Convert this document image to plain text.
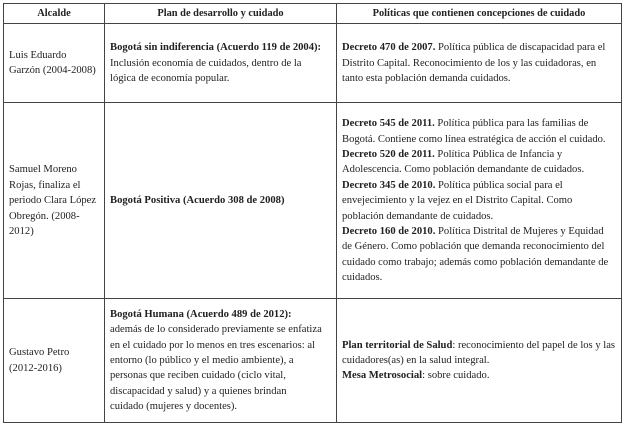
Alcalde	Plan de desarrollo y cuidado	Políticas que contienen concepciones de cuidado
Luis Eduardo Garzón (2004-2008)	Bogotá sin indiferencia (Acuerdo 119 de 2004): Inclusión economía de cuidados, dentro de la lógica de economía popular.	Decreto 470 de 2007. Política pública de discapacidad para el Distrito Capital. Reconocimiento de los y las cuidadoras, en tanto esta población demanda cuidados.

Samuel Moreno Rojas, finaliza el periodo Clara López Obregón. (2008-2012)	Bogotá Positiva (Acuerdo 308 de 2008)	Decreto 545 de 2011. Política pública para las familias de Bogotá. Contiene como línea estratégica de acción el cuidado.
Decreto 520 de 2011. Política Pública de Infancia y Adolescencia. Como población demandante de cuidados.
Decreto 345 de 2010. Política pública social para el envejecimiento y la vejez en el Distrito Capital. Como población demandante de cuidados.
Decreto 160 de 2010. Política Distrital de Mujeres y Equidad de Género. Como población que demanda reconocimiento del cuidado como trabajo; además como población demandante de cuidados.

Gustavo Petro (2012-2016)	Bogotá Humana (Acuerdo 489 de 2012): además de lo considerado previamente se enfatiza en el cuidado por lo menos en tres escenarios: al entorno (lo público y el medio ambiente), a personas que reciben cuidado (ciclo vital, discapacidad y salud) y a quienes brindan cuidado (mujeres y docentes).	Plan territorial de Salud: reconocimiento del papel de los y las cuidadores(as) en la salud integral.
Mesa Metrosocial: sobre cuidado.
